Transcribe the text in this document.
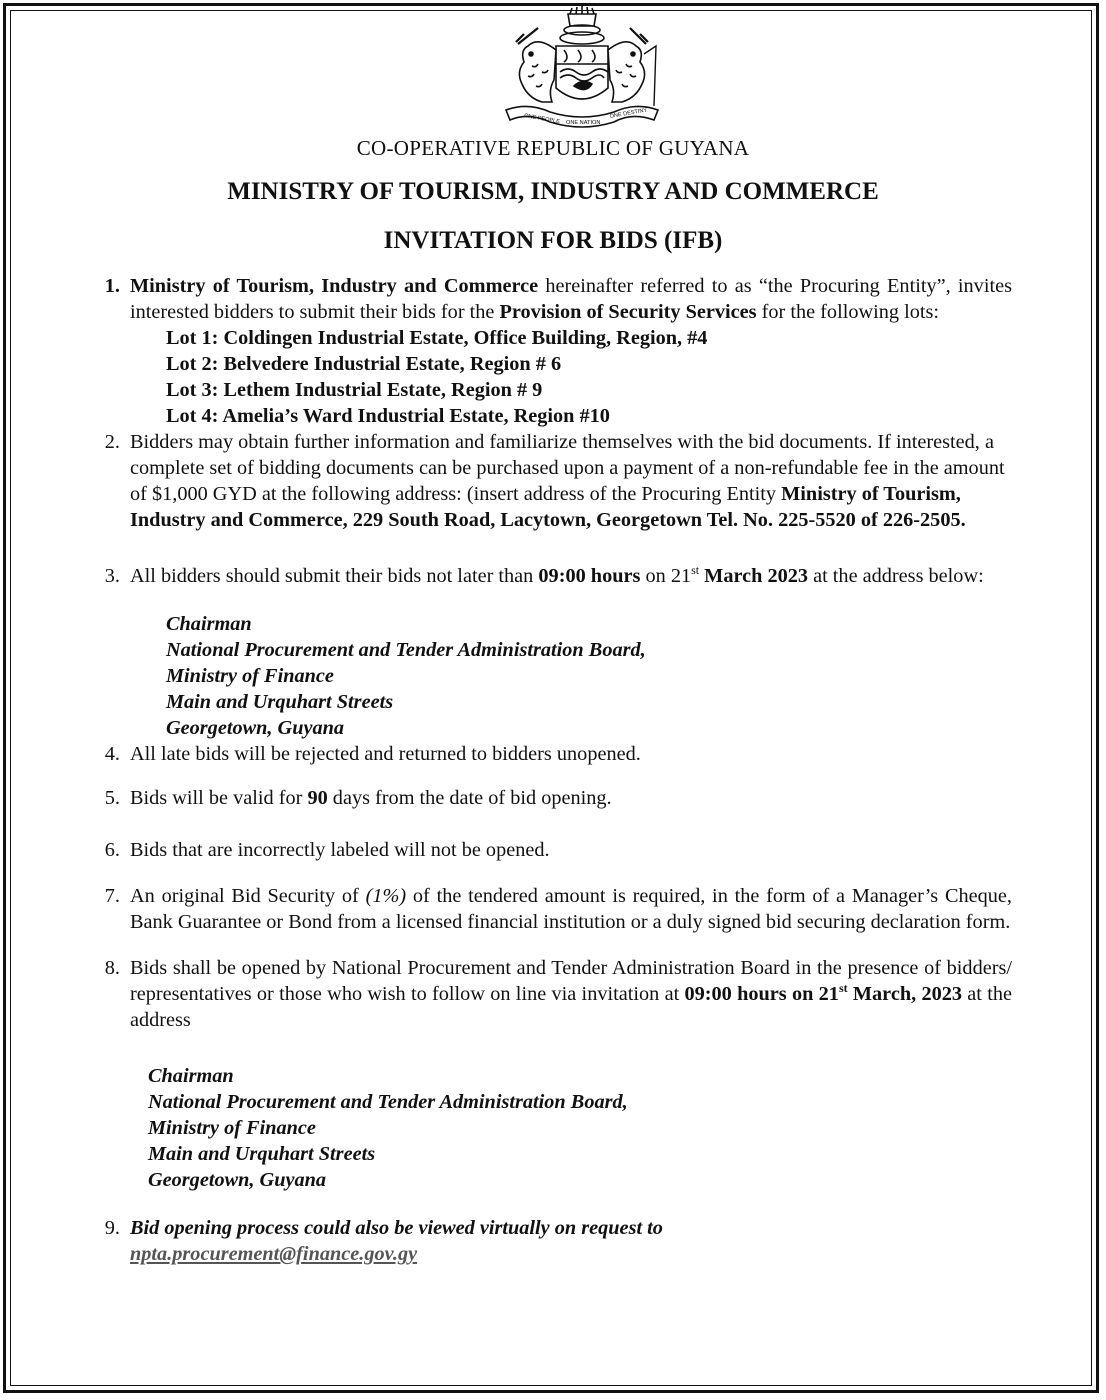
ONE PEOPLE ONE NATION
ONE DESTINY
CO-OPERATIVE REPUBLIC OF GUYANA
MINISTRY OF TOURISM, INDUSTRY AND COMMERCE
INVITATION FOR BIDS (IFB)
1. Ministry of Tourism, Industry and Commerce hereinafter referred to as “the Procuring Entity”, invites interested bidders to submit their bids for the Provision of Security Services for the following lots:
Lot 1: Coldingen Industrial Estate, Office Building, Region, #4
Lot 2: Belvedere Industrial Estate, Region # 6
Lot 3: Lethem Industrial Estate, Region # 9
Lot 4: Amelia’s Ward Industrial Estate, Region #10
2. Bidders may obtain further information and familiarize themselves with the bid documents. If interested, a complete set of bidding documents can be purchased upon a payment of a non-refundable fee in the amount of $1,000 GYD at the following address: (insert address of the Procuring Entity Ministry of Tourism, Industry and Commerce, 229 South Road, Lacytown, Georgetown Tel. No. 225-5520 of 226-2505.
3. All bidders should submit their bids not later than 09:00 hours on 21st March 2023 at the address below:
Chairman
National Procurement and Tender Administration Board,
Ministry of Finance
Main and Urquhart Streets
Georgetown, Guyana
4. All late bids will be rejected and returned to bidders unopened.
5. Bids will be valid for 90 days from the date of bid opening.
6. Bids that are incorrectly labeled will not be opened.
7. An original Bid Security of (1%) of the tendered amount is required, in the form of a Manager’s Cheque, Bank Guarantee or Bond from a licensed financial institution or a duly signed bid securing declaration form.
8. Bids shall be opened by National Procurement and Tender Administration Board in the presence of bidders/ representatives or those who wish to follow on line via invitation at 09:00 hours on 21st March, 2023 at the address
Chairman
National Procurement and Tender Administration Board,
Ministry of Finance
Main and Urquhart Streets
Georgetown, Guyana
9. Bid opening process could also be viewed virtually on request to
npta.procurement@finance.gov.gy
